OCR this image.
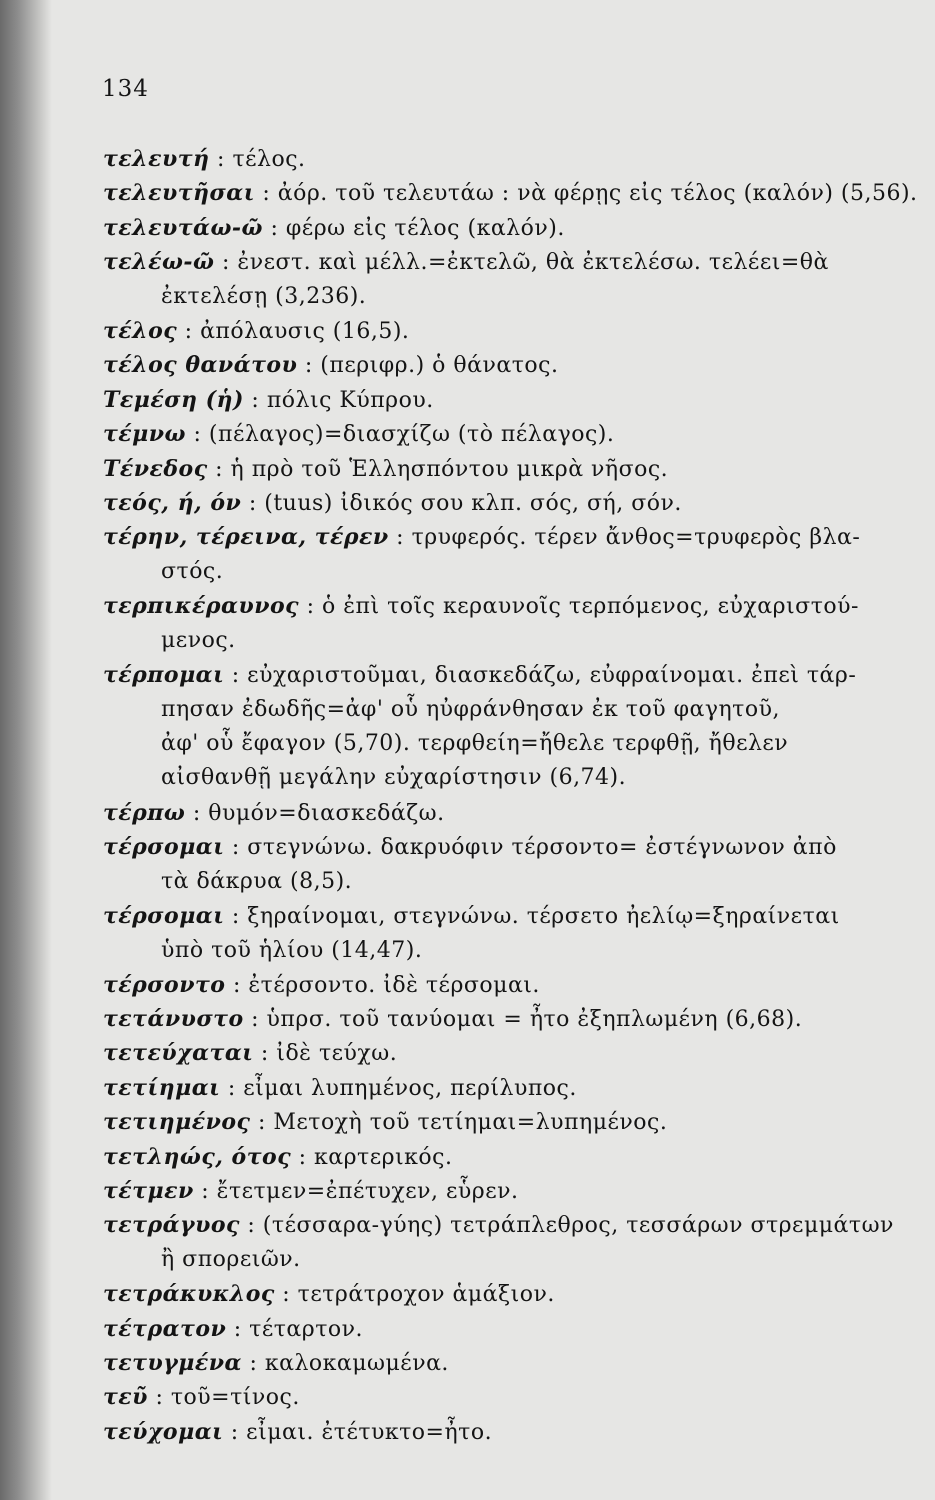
134
τελευτή : τέλος.
τελευτῆσαι : ἀόρ. τοῦ τελευτάω : νὰ φέρῃς εἰς τέλος (καλόν) (5,56).
τελευτάω-ῶ : φέρω εἰς τέλος (καλόν).
τελέω-ῶ : ἐνεστ. καὶ μέλλ.=ἐκτελῶ, θὰ ἐκτελέσω. τελέει=θὰ
ἐκτελέσῃ (3,236).
τέλος : ἀπόλαυσις (16,5).
τέλος θανάτου : (περιφρ.) ὁ θάνατος.
Τεμέση (ἡ) : πόλις Κύπρου.
τέμνω : (πέλαγος)=διασχίζω (τὸ πέλαγος).
Τένεδος : ἡ πρὸ τοῦ Ἑλλησπόντου μικρὰ νῆσος.
τεός, ή, όν : (tuus) ἰδικός σου κλπ. σός, σή, σόν.
τέρην, τέρεινα, τέρεν : τρυφερός. τέρεν ἄνθος=τρυφερὸς βλα-
στός.
τερπικέραυνος : ὁ ἐπὶ τοῖς κεραυνοῖς τερπόμενος, εὐχαριστού-
μενος.
τέρπομαι : εὐχαριστοῦμαι, διασκεδάζω, εὐφραίνομαι. ἐπεὶ τάρ-
πησαν ἐδωδῆς=ἀφ' οὗ ηὐφράνθησαν ἐκ τοῦ φαγητοῦ,
ἀφ' οὗ ἔφαγον (5,70). τερφθείη=ἤθελε τερφθῇ, ἤθελεν
αἰσθανθῇ μεγάλην εὐχαρίστησιν (6,74).
τέρπω : θυμόν=διασκεδάζω.
τέρσομαι : στεγνώνω. δακρυόφιν τέρσοντο= ἐστέγνωνον ἀπὸ
τὰ δάκρυα (8,5).
τέρσομαι : ξηραίνομαι, στεγνώνω. τέρσετο ἠελίῳ=ξηραίνεται
ὑπὸ τοῦ ἡλίου (14,47).
τέρσοντο : ἐτέρσοντο. ἰδὲ τέρσομαι.
τετάνυστο : ὑπρσ. τοῦ τανύομαι = ἦτο ἐξηπλωμένη (6,68).
τετεύχαται : ἰδὲ τεύχω.
τετίημαι : εἶμαι λυπημένος, περίλυπος.
τετιημένος : Μετοχὴ τοῦ τετίημαι=λυπημένος.
τετληώς, ότος : καρτερικός.
τέτμεν : ἔτετμεν=ἐπέτυχεν, εὗρεν.
τετράγυος : (τέσσαρα-γύης) τετράπλεθρος, τεσσάρων στρεμμάτων
ἢ σπορειῶν.
τετράκυκλος : τετράτροχον ἁμάξιον.
τέτρατον : τέταρτον.
τετυγμένα : καλοκαμωμένα.
τεῦ : τοῦ=τίνος.
τεύχομαι : εἶμαι. ἐτέτυκτο=ἦτο.
